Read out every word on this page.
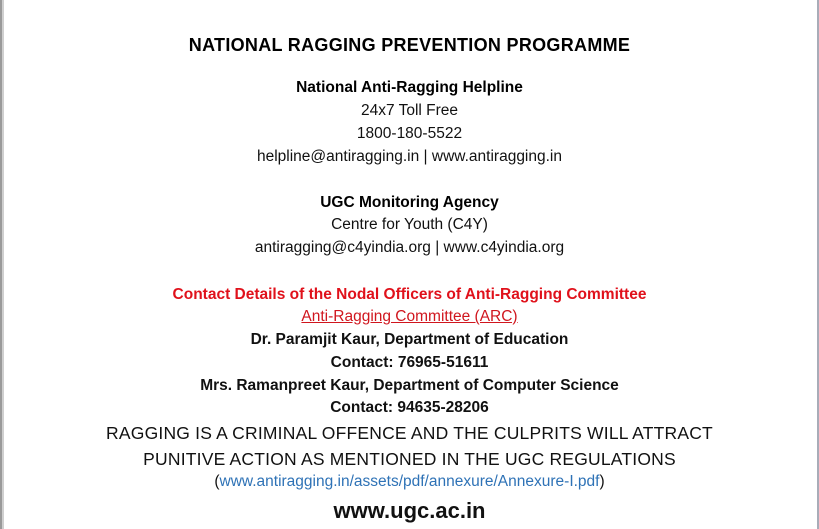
NATIONAL RAGGING PREVENTION PROGRAMME
National Anti-Ragging Helpline
24x7 Toll Free
1800-180-5522
helpline@antiragging.in | www.antiragging.in
UGC Monitoring Agency
Centre for Youth (C4Y)
antiragging@c4yindia.org | www.c4yindia.org
Contact Details of the Nodal Officers of Anti-Ragging Committee
Anti-Ragging Committee (ARC)
Dr. Paramjit Kaur, Department of Education
Contact: 76965-51611
Mrs. Ramanpreet Kaur, Department of Computer Science
Contact: 94635-28206
RAGGING IS A CRIMINAL OFFENCE AND THE CULPRITS WILL ATTRACT
PUNITIVE ACTION AS MENTIONED IN THE UGC REGULATIONS
(www.antiragging.in/assets/pdf/annexure/Annexure-I.pdf)
www.ugc.ac.in
